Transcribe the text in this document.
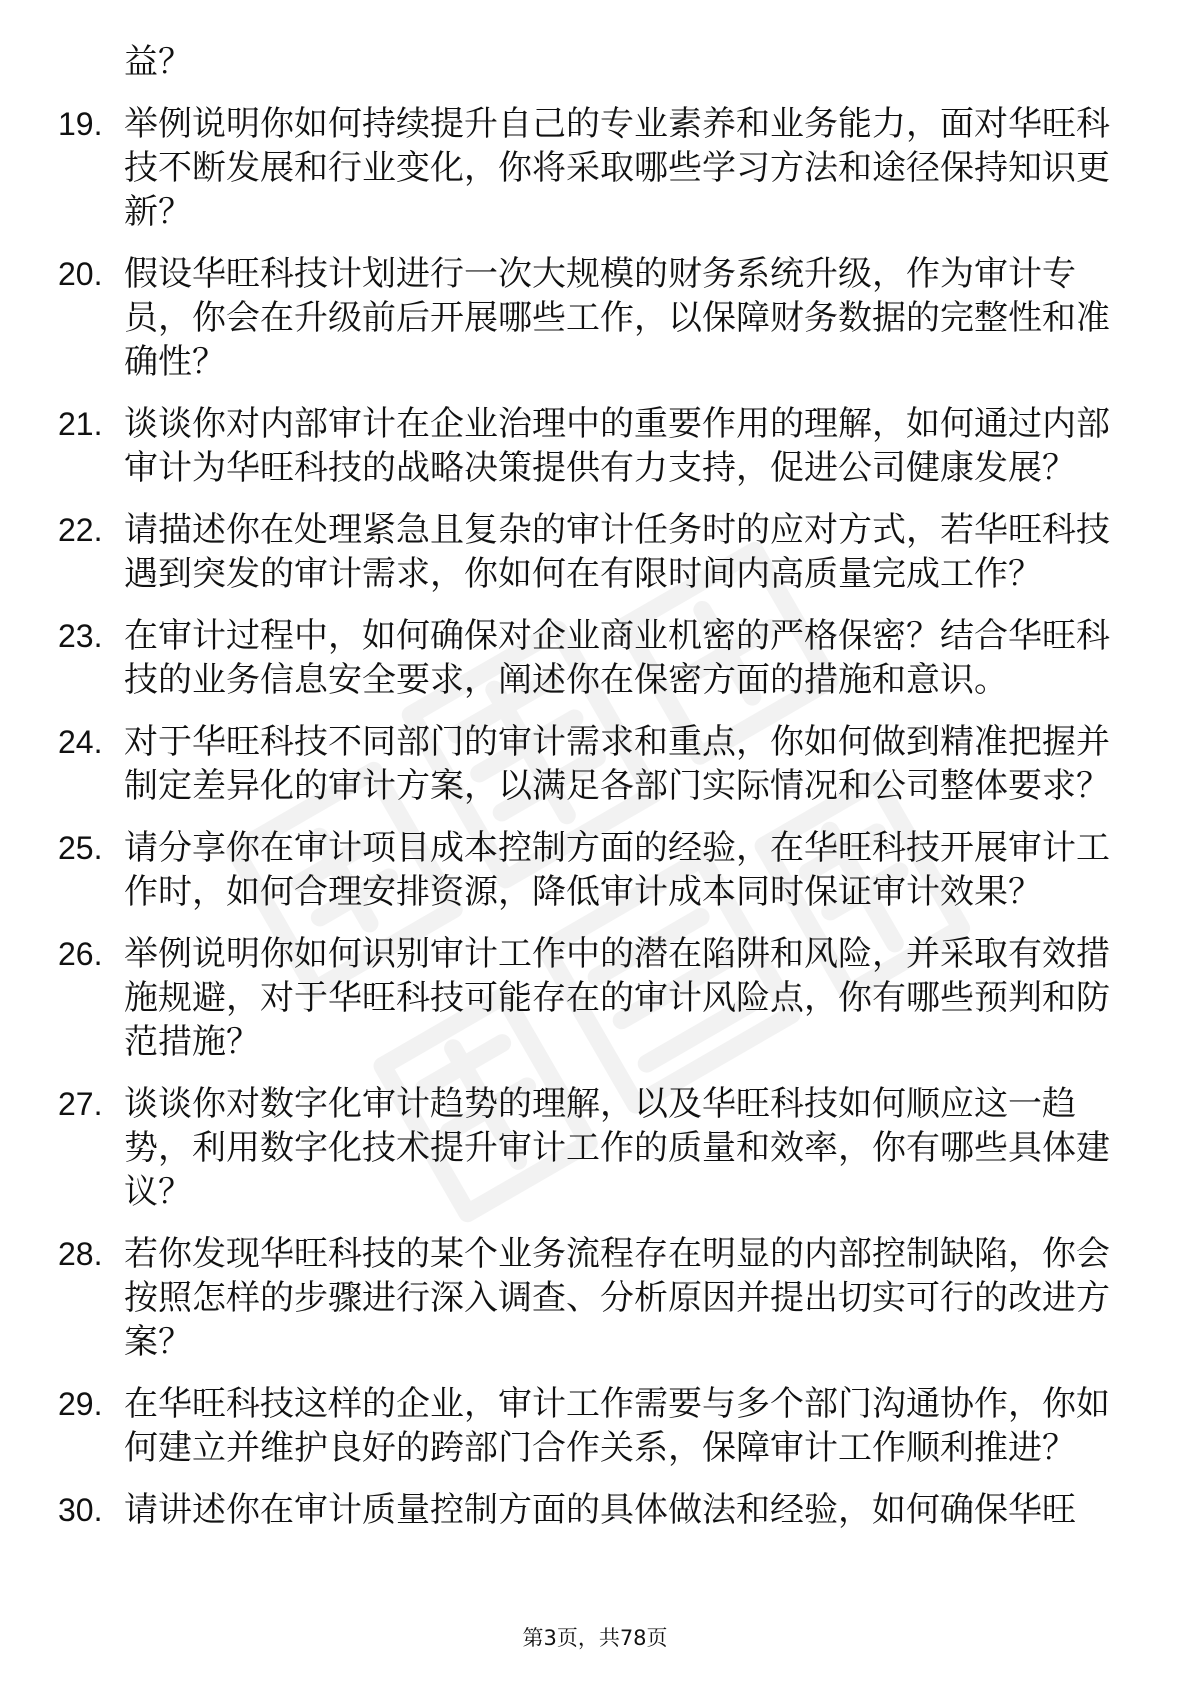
益？
19. 举例说明你如何持续提升自己的专业素养和业务能力，面对华旺科技不断发展和行业变化，你将采取哪些学习方法和途径保持知识更新？
20. 假设华旺科技计划进行一次大规模的财务系统升级，作为审计专员，你会在升级前后开展哪些工作，以保障财务数据的完整性和准确性？
21. 谈谈你对内部审计在企业治理中的重要作用的理解，如何通过内部审计为华旺科技的战略决策提供有力支持，促进公司健康发展？
22. 请描述你在处理紧急且复杂的审计任务时的应对方式，若华旺科技遇到突发的审计需求，你如何在有限时间内高质量完成工作？
23. 在审计过程中，如何确保对企业商业机密的严格保密？结合华旺科技的业务信息安全要求，阐述你在保密方面的措施和意识。
24. 对于华旺科技不同部门的审计需求和重点，你如何做到精准把握并制定差异化的审计方案，以满足各部门实际情况和公司整体要求？
25. 请分享你在审计项目成本控制方面的经验，在华旺科技开展审计工作时，如何合理安排资源，降低审计成本同时保证审计效果？
26. 举例说明你如何识别审计工作中的潜在陷阱和风险，并采取有效措施规避，对于华旺科技可能存在的审计风险点，你有哪些预判和防范措施？
27. 谈谈你对数字化审计趋势的理解，以及华旺科技如何顺应这一趋势，利用数字化技术提升审计工作的质量和效率，你有哪些具体建议？
28. 若你发现华旺科技的某个业务流程存在明显的内部控制缺陷，你会按照怎样的步骤进行深入调查、分析原因并提出切实可行的改进方案？
29. 在华旺科技这样的企业，审计工作需要与多个部门沟通协作，你如何建立并维护良好的跨部门合作关系，保障审计工作顺利推进？
30. 请讲述你在审计质量控制方面的具体做法和经验，如何确保华旺
第3页，共78页
